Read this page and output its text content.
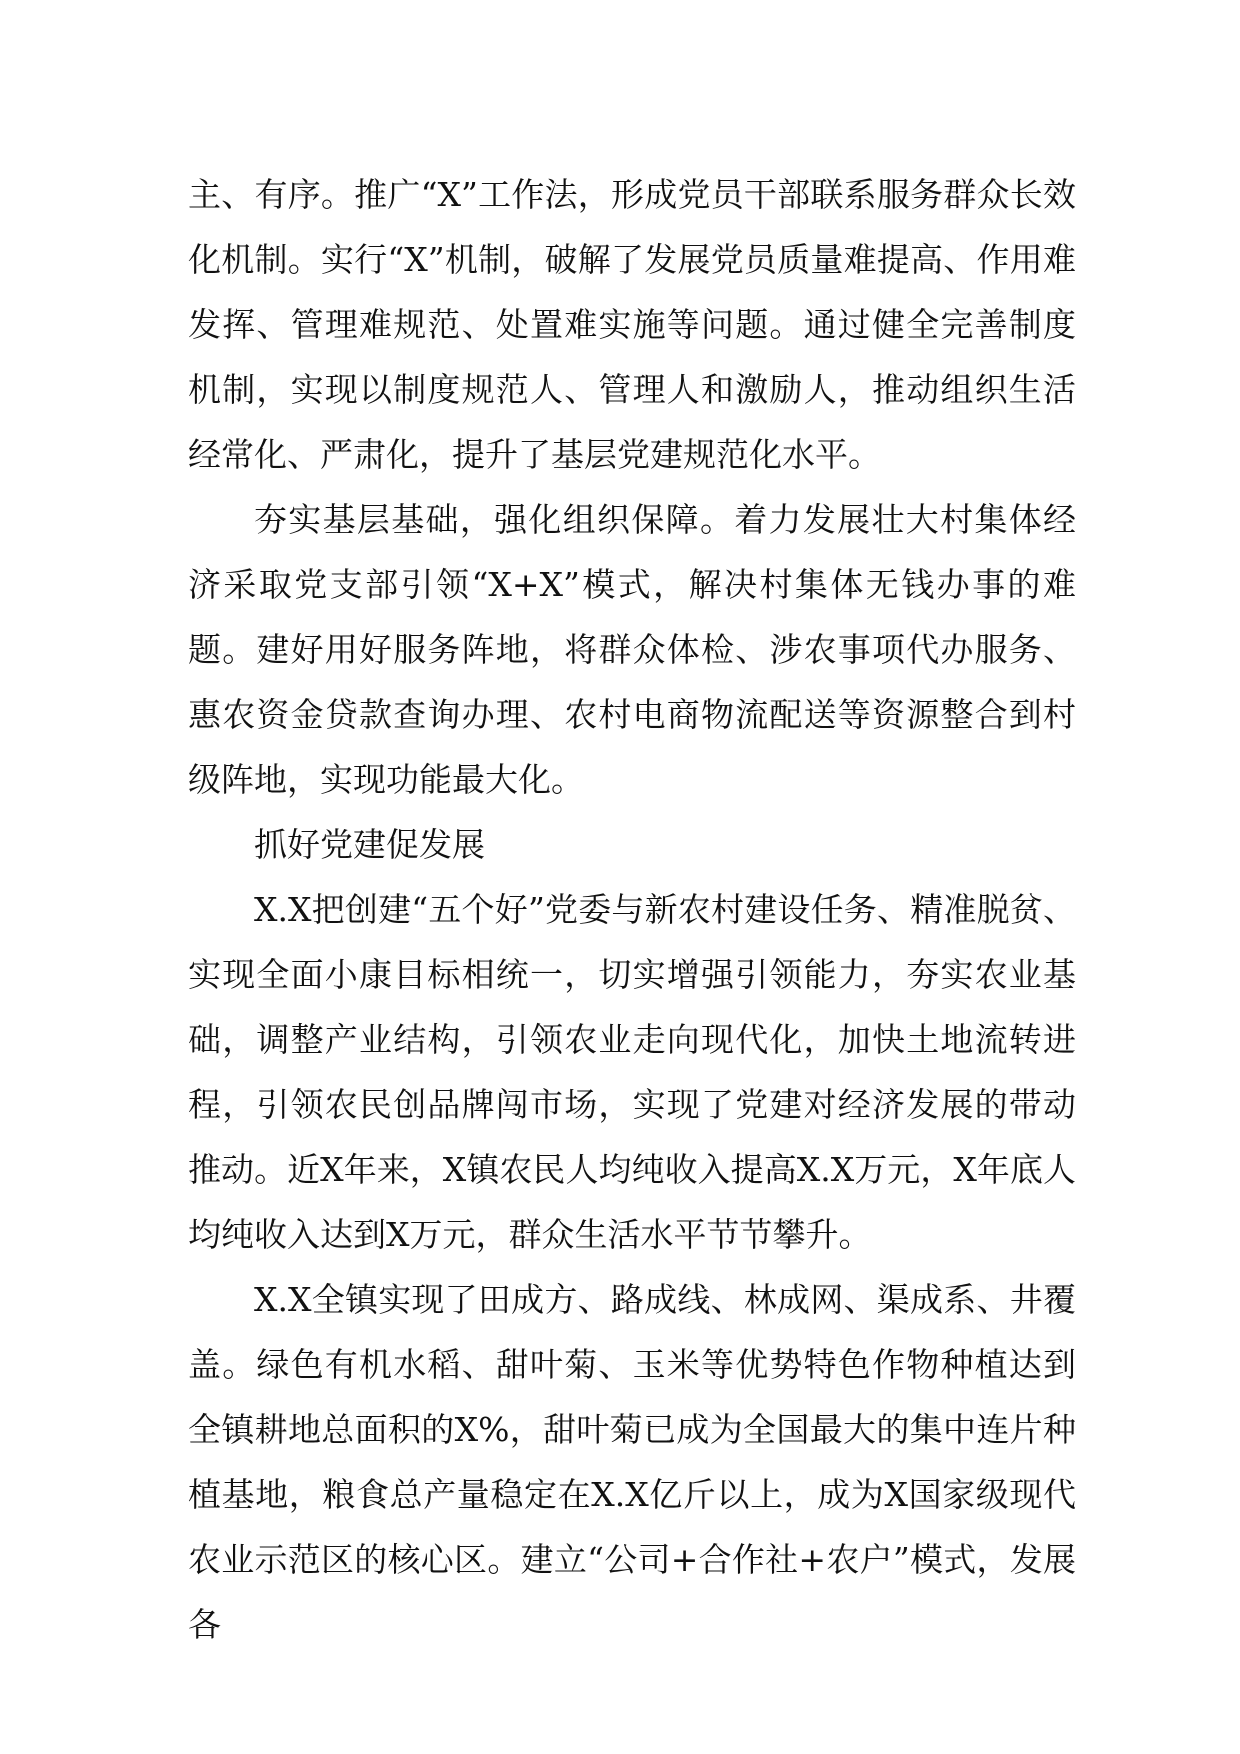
主、有序。推广“X”工作法，形成党员干部联系服务群众长效化机制。实行“X”机制，破解了发展党员质量难提高、作用难发挥、管理难规范、处置难实施等问题。通过健全完善制度机制，实现以制度规范人、管理人和激励人，推动组织生活经常化、严肃化，提升了基层党建规范化水平。

夯实基层基础，强化组织保障。着力发展壮大村集体经济采取党支部引领“X+X”模式，解决村集体无钱办事的难题。建好用好服务阵地，将群众体检、涉农事项代办服务、惠农资金贷款查询办理、农村电商物流配送等资源整合到村级阵地，实现功能最大化。

抓好党建促发展

X.X把创建“五个好”党委与新农村建设任务、精准脱贫、实现全面小康目标相统一，切实增强引领能力，夯实农业基础，调整产业结构，引领农业走向现代化，加快土地流转进程，引领农民创品牌闯市场，实现了党建对经济发展的带动推动。近X年来，X镇农民人均纯收入提高X.X万元，X年底人均纯收入达到X万元，群众生活水平节节攀升。

X.X全镇实现了田成方、路成线、林成网、渠成系、井覆盖。绿色有机水稻、甜叶菊、玉米等优势特色作物种植达到全镇耕地总面积的X%，甜叶菊已成为全国最大的集中连片种植基地，粮食总产量稳定在X.X亿斤以上，成为X国家级现代农业示范区的核心区。建立“公司+合作社+农户”模式，发展各
